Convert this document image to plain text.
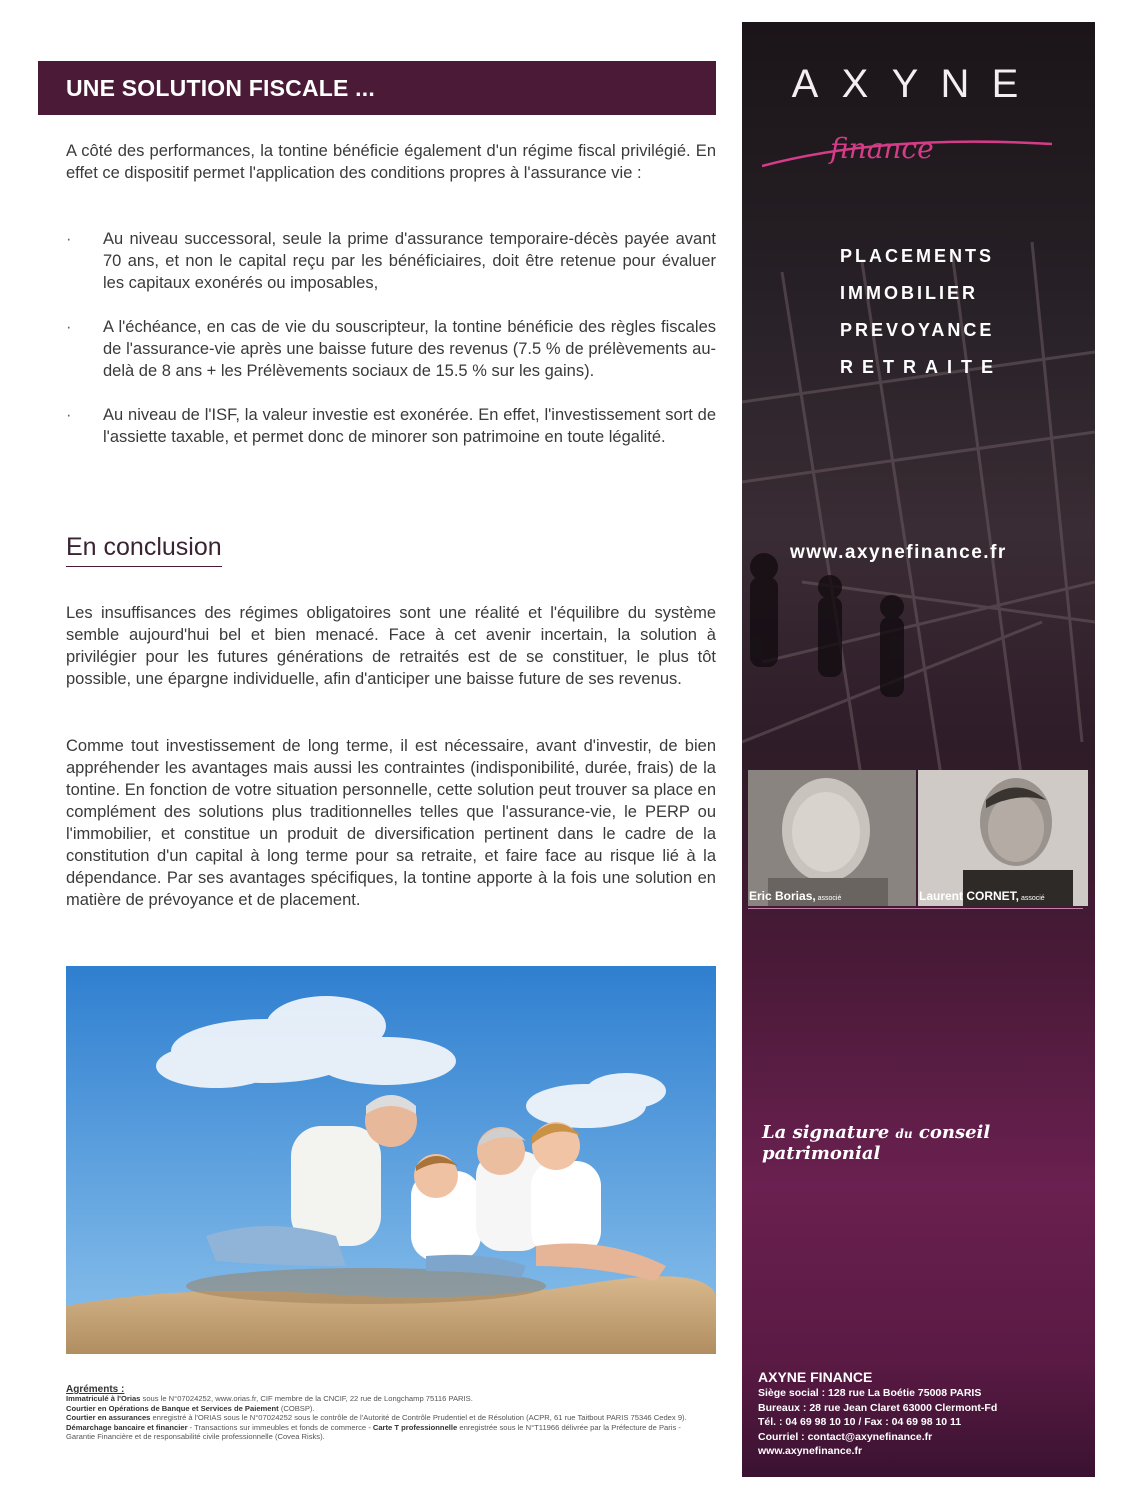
UNE SOLUTION FISCALE ...

A côté des performances, la tontine bénéficie également d'un régime fiscal privilégié. En effet ce dispositif permet l'application des conditions propres à l'assurance vie :

· Au niveau successoral, seule la prime d'assurance temporaire-décès payée avant 70 ans, et non le capital reçu par les bénéficiaires, doit être retenue pour évaluer les capitaux exonérés ou imposables,
· A l'échéance, en cas de vie du souscripteur, la tontine bénéficie des règles fiscales de l'assurance-vie après une baisse future des revenus (7.5 % de prélèvements au-delà de 8 ans + les Prélèvements sociaux de 15.5 % sur les gains).
· Au niveau de l'ISF, la valeur investie est exonérée. En effet, l'investissement sort de l'assiette taxable, et permet donc de minorer son patrimoine en toute légalité.
En conclusion

Les insuffisances des régimes obligatoires sont une réalité et l'équilibre du système semble aujourd'hui bel et bien menacé. Face à cet avenir incertain, la solution à privilégier pour les futures générations de retraités est de se constituer, le plus tôt possible, une épargne individuelle, afin d'anticiper une baisse future de ses revenus.

Comme tout investissement de long terme, il est nécessaire, avant d'investir, de bien appréhender les avantages mais aussi les contraintes (indisponibilité, durée, frais) de la tontine. En fonction de votre situation personnelle, cette solution peut trouver sa place en complément des solutions plus traditionnelles telles que l'assurance-vie, le PERP ou l'immobilier, et constitue un produit de diversification pertinent dans le cadre de la constitution d'un capital à long terme pour sa retraite, et faire face au risque lié à la dépendance. Par ses avantages spécifiques, la tontine apporte à la fois une solution en matière de prévoyance et de placement.

Agréments :
Immatriculé à l'Orias sous le N°07024252, www.orias.fr, CIF membre de la CNCIF, 22 rue de Longchamp 75116 PARIS.
Courtier en Opérations de Banque et Services de Paiement (COBSP).
Courtier en assurances enregistré à l'ORIAS sous le N°07024252 sous le contrôle de l'Autorité de Contrôle Prudentiel et de Résolution (ACPR, 61 rue Taitbout PARIS 75346 Cedex 9).
Démarchage bancaire et financier - Transactions sur immeubles et fonds de commerce - Carte T professionnelle enregistrée sous le N°T11966 délivrée par la Préfecture de Paris - Garantie Financière et de responsabilité civile professionnelle (Covea Risks).
A X Y N E
finance
PLACEMENTS
IMMOBILIER
PREVOYANCE
RETRAITE
www.axynefinance.fr
Eric Borias, associé	Laurent CORNET, associé
La signature du conseil patrimonial
AXYNE FINANCE
Siège social : 128 rue La Boétie 75008 PARIS
Bureaux : 28 rue Jean Claret 63000 Clermont-Fd
Tél. : 04 69 98 10 10 / Fax : 04 69 98 10 11
Courriel : contact@axynefinance.fr
www.axynefinance.fr
